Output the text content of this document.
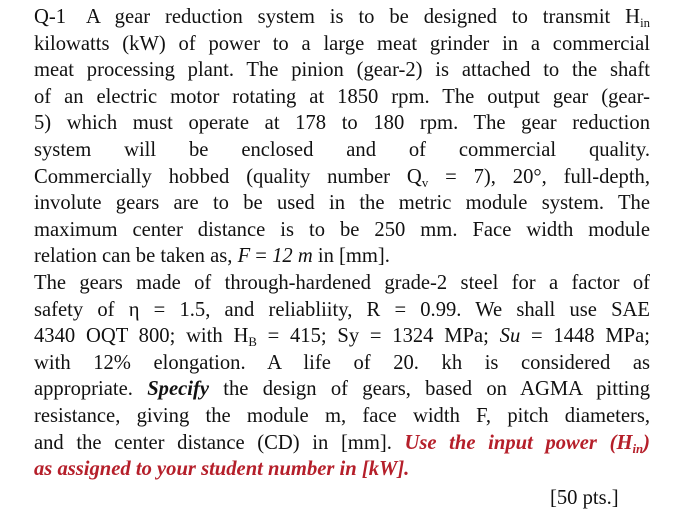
Q-1 A gear reduction system is to be designed to transmit $H_{in}$
kilowatts (kW) of power to a large meat grinder in a commercial
meat processing plant. The pinion (gear-2) is attached to the shaft
of an electric motor rotating at 1850 rpm. The output gear (gear-
5) which must operate at 178 to 180 rpm. The gear reduction
system will be enclosed and of commercial quality.
Commercially hobbed (quality number $Q_v = 7$), 20°, full-depth,
involute gears are to be used in the metric module system. The
maximum center distance is to be 250 mm. Face width module
relation can be taken as, F = 12 m in [mm].
The gears made of through-hardened grade-2 steel for a factor of
safety of η = 1.5, and reliabliity, R = 0.99. We shall use SAE
4340 OQT 800; with $H_B = 415$; Sy = 1324 MPa; Su = 1448 MPa;
with 12% elongation. A life of 20. kh is considered as
appropriate. Specify the design of gears, based on AGMA pitting
resistance, giving the module m, face width F, pitch diameters,
and the center distance (CD) in [mm]. Use the input power $(H_{in})$
as assigned to your student number in [kW].
[50 pts.]
